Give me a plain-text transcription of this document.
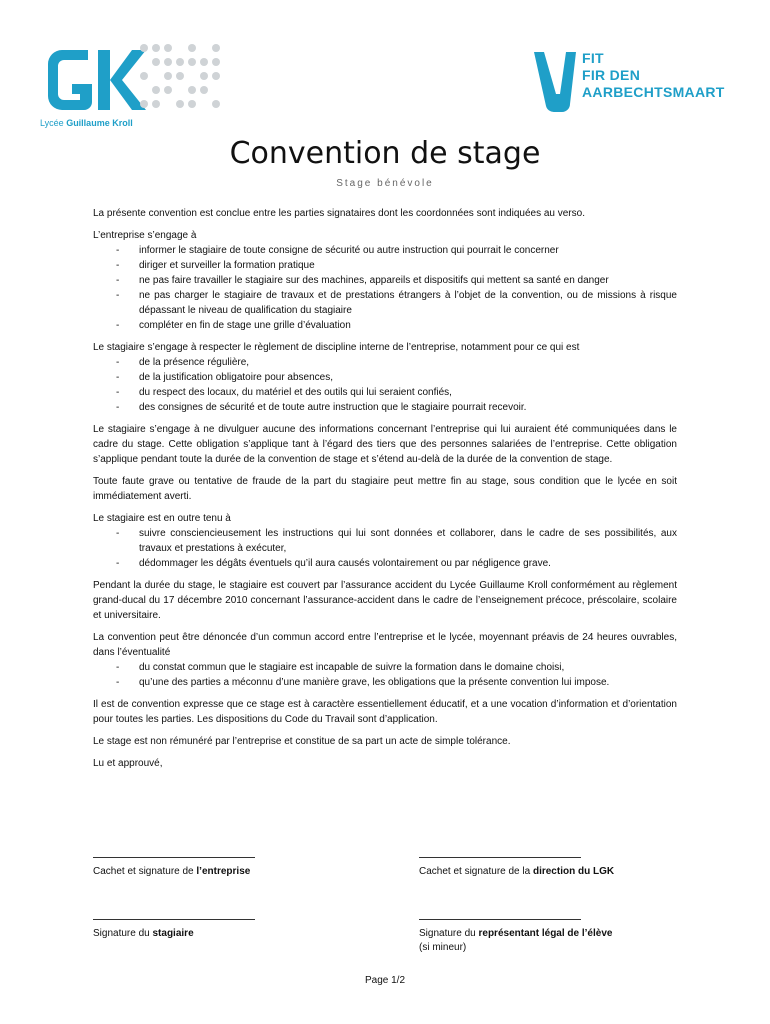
Lycée Guillaume Kroll
FIT
FIR DEN
AARBECHTSMAART
Convention de stage
Stage bénévole

La présente convention est conclue entre les parties signataires dont les coordonnées sont indiquées au verso.

L’entreprise s’engage à
- informer le stagiaire de toute consigne de sécurité ou autre instruction qui pourrait le concerner
- diriger et surveiller la formation pratique
- ne pas faire travailler le stagiaire sur des machines, appareils et dispositifs qui mettent sa santé en danger
- ne pas charger le stagiaire de travaux et de prestations étrangers à l’objet de la convention, ou de missions à risque dépassant le niveau de qualification du stagiaire
- compléter en fin de stage une grille d’évaluation
Le stagiaire s’engage à respecter le règlement de discipline interne de l’entreprise, notamment pour ce qui est
- de la présence régulière,
- de la justification obligatoire pour absences,
- du respect des locaux, du matériel et des outils qui lui seraient confiés,
- des consignes de sécurité et de toute autre instruction que le stagiaire pourrait recevoir.

Le stagiaire s’engage à ne divulguer aucune des informations concernant l’entreprise qui lui auraient été communiquées dans le cadre du stage. Cette obligation s’applique tant à l’égard des tiers que des personnes salariées de l’entreprise. Cette obligation s’applique pendant toute la durée de la convention de stage et s’étend au-delà de la durée de la convention de stage.

Toute faute grave ou tentative de fraude de la part du stagiaire peut mettre fin au stage, sous condition que le lycée en soit immédiatement averti.

Le stagiaire est en outre tenu à
- suivre consciencieusement les instructions qui lui sont données et collaborer, dans le cadre de ses possibilités, aux travaux et prestations à exécuter,
- dédommager les dégâts éventuels qu’il aura causés volontairement ou par négligence grave.

Pendant la durée du stage, le stagiaire est couvert par l’assurance accident du Lycée Guillaume Kroll conformément au règlement grand-ducal du 17 décembre 2010 concernant l’assurance-accident dans le cadre de l’enseignement précoce, préscolaire, scolaire et universitaire.

La convention peut être dénoncée d’un commun accord entre l’entreprise et le lycée, moyennant préavis de 24 heures ouvrables, dans l’éventualité
- du constat commun que le stagiaire est incapable de suivre la formation dans le domaine choisi,
- qu’une des parties a méconnu d’une manière grave, les obligations que la présente convention lui impose.

Il est de convention expresse que ce stage est à caractère essentiellement éducatif, et a une vocation d’information et d’orientation pour toutes les parties. Les dispositions du Code du Travail sont d’application.

Le stage est non rémunéré par l’entreprise et constitue de sa part un acte de simple tolérance.

Lu et approuvé,

Cachet et signature de l’entreprise	Cachet et signature de la direction du LGK
Signature du stagiaire	Signature du représentant légal de l’élève
(si mineur)
Page 1/2
